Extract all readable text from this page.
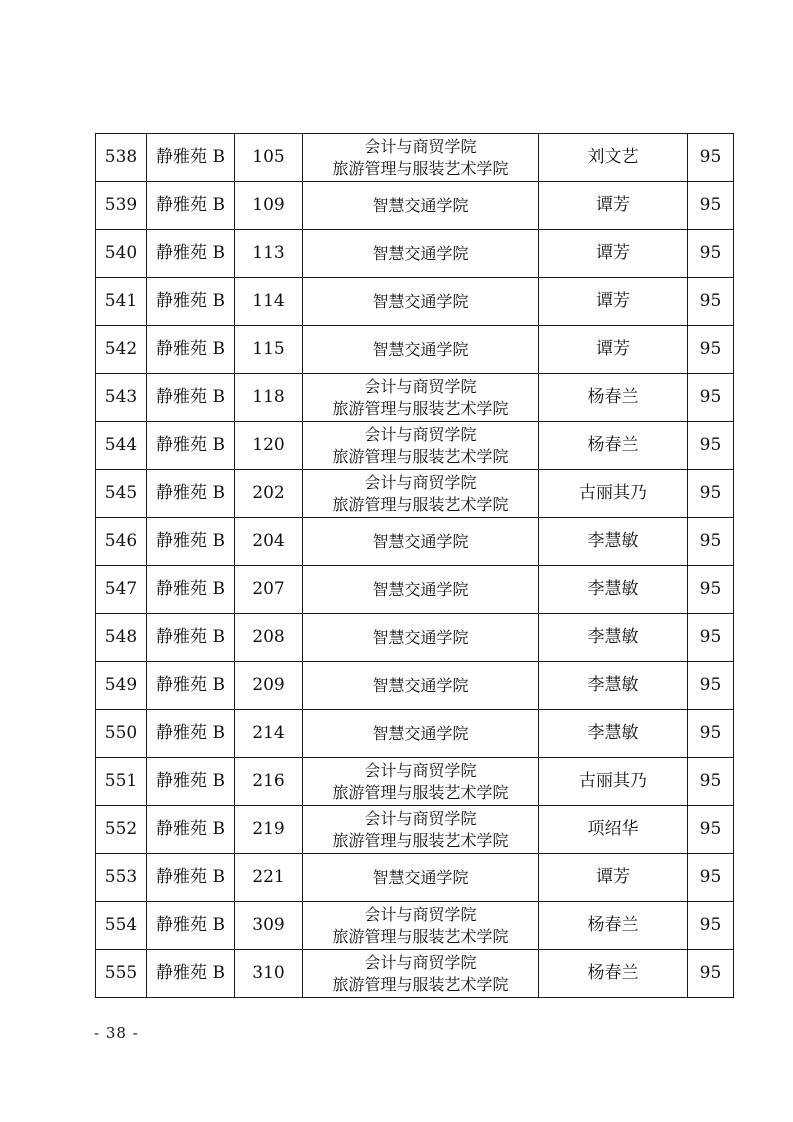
538	静雅苑 B	105	会计与商贸学院
旅游管理与服装艺术学院	刘文艺	95
539	静雅苑 B	109	智慧交通学院	谭芳	95
540	静雅苑 B	113	智慧交通学院	谭芳	95
541	静雅苑 B	114	智慧交通学院	谭芳	95
542	静雅苑 B	115	智慧交通学院	谭芳	95
543	静雅苑 B	118	会计与商贸学院
旅游管理与服装艺术学院	杨春兰	95
544	静雅苑 B	120	会计与商贸学院
旅游管理与服装艺术学院	杨春兰	95
545	静雅苑 B	202	会计与商贸学院
旅游管理与服装艺术学院	古丽其乃	95
546	静雅苑 B	204	智慧交通学院	李慧敏	95
547	静雅苑 B	207	智慧交通学院	李慧敏	95
548	静雅苑 B	208	智慧交通学院	李慧敏	95
549	静雅苑 B	209	智慧交通学院	李慧敏	95
550	静雅苑 B	214	智慧交通学院	李慧敏	95
551	静雅苑 B	216	会计与商贸学院
旅游管理与服装艺术学院	古丽其乃	95
552	静雅苑 B	219	会计与商贸学院
旅游管理与服装艺术学院	项绍华	95
553	静雅苑 B	221	智慧交通学院	谭芳	95
554	静雅苑 B	309	会计与商贸学院
旅游管理与服装艺术学院	杨春兰	95
555	静雅苑 B	310	会计与商贸学院
旅游管理与服装艺术学院	杨春兰	95
- 38 -
